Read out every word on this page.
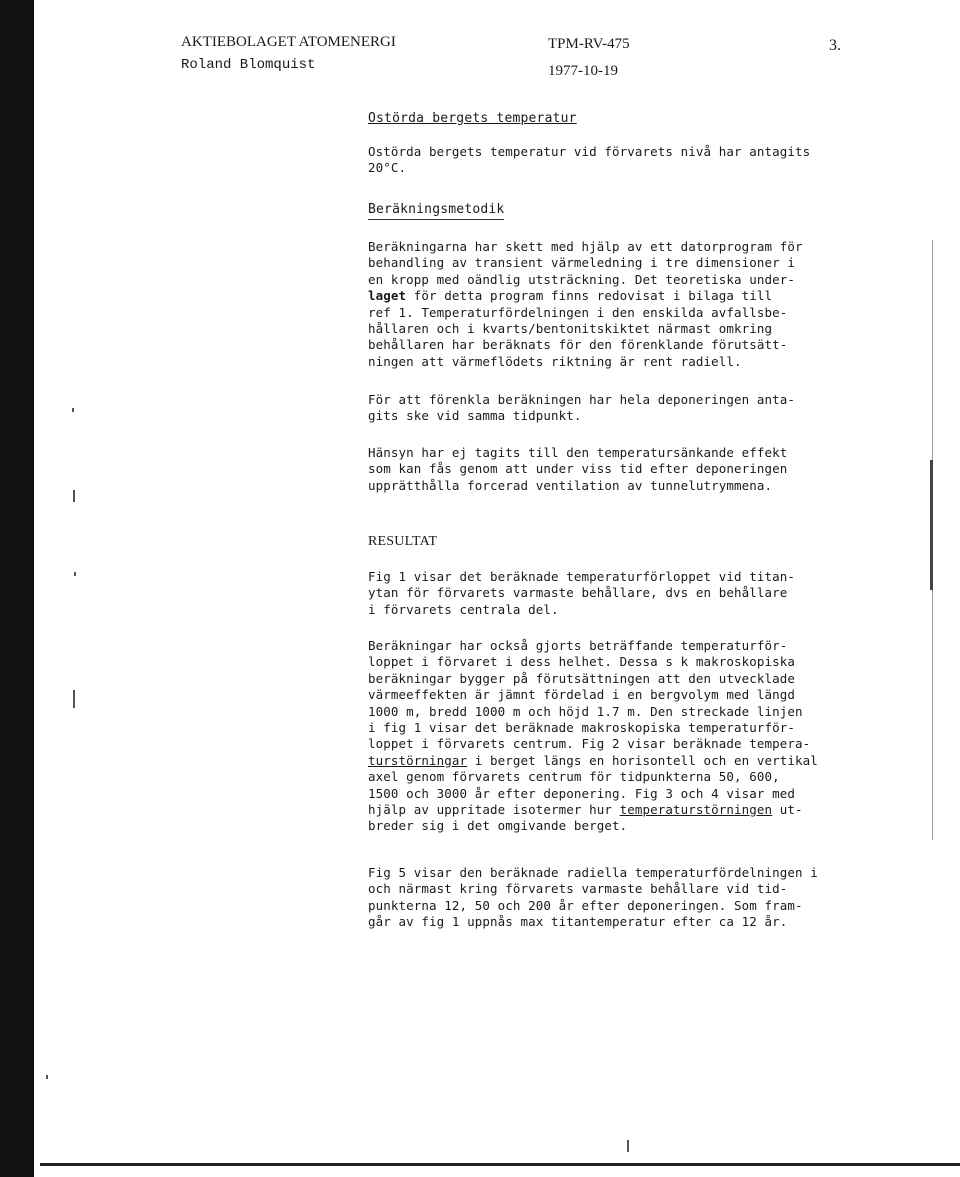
AKTIEBOLAGET ATOMENERGI
Roland Blomquist
TPM-RV-475
1977-10-19
3.
Ostörda bergets temperatur
Ostörda bergets temperatur vid förvarets nivå har antagits
20°C.
Beräkningsmetodik
Beräkningarna har skett med hjälp av ett datorprogram för
behandling av transient värmeledning i tre dimensioner i
en kropp med oändlig utsträckning. Det teoretiska under-
laget för detta program finns redovisat i bilaga till
ref 1. Temperaturfördelningen i den enskilda avfallsbe-
hållaren och i kvarts/bentonitskiktet närmast omkring
behållaren har beräknats för den förenklande förutsätt-
ningen att värmeflödets riktning är rent radiell.
För att förenkla beräkningen har hela deponeringen anta-
gits ske vid samma tidpunkt.
Hänsyn har ej tagits till den temperatursänkande effekt
som kan fås genom att under viss tid efter deponeringen
upprätthålla forcerad ventilation av tunnelutrymmena.
RESULTAT
Fig 1 visar det beräknade temperaturförloppet vid titan-
ytan för förvarets varmaste behållare, dvs en behållare
i förvarets centrala del.
Beräkningar har också gjorts beträffande temperaturför-
loppet i förvaret i dess helhet. Dessa s k makroskopiska
beräkningar bygger på förutsättningen att den utvecklade
värmeeffekten är jämnt fördelad i en bergvolym med längd
1000 m, bredd 1000 m och höjd 1.7 m. Den streckade linjen
i fig 1 visar det beräknade makroskopiska temperaturför-
loppet i förvarets centrum. Fig 2 visar beräknade tempera-
turstörningar i berget längs en horisontell och en vertikal
axel genom förvarets centrum för tidpunkterna 50, 600,
1500 och 3000 år efter deponering. Fig 3 och 4 visar med
hjälp av uppritade isotermer hur temperaturstörningen ut-
breder sig i det omgivande berget.
Fig 5 visar den beräknade radiella temperaturfördelningen i
och närmast kring förvarets varmaste behållare vid tid-
punkterna 12, 50 och 200 år efter deponeringen. Som fram-
går av fig 1 uppnås max titantemperatur efter ca 12 år.
